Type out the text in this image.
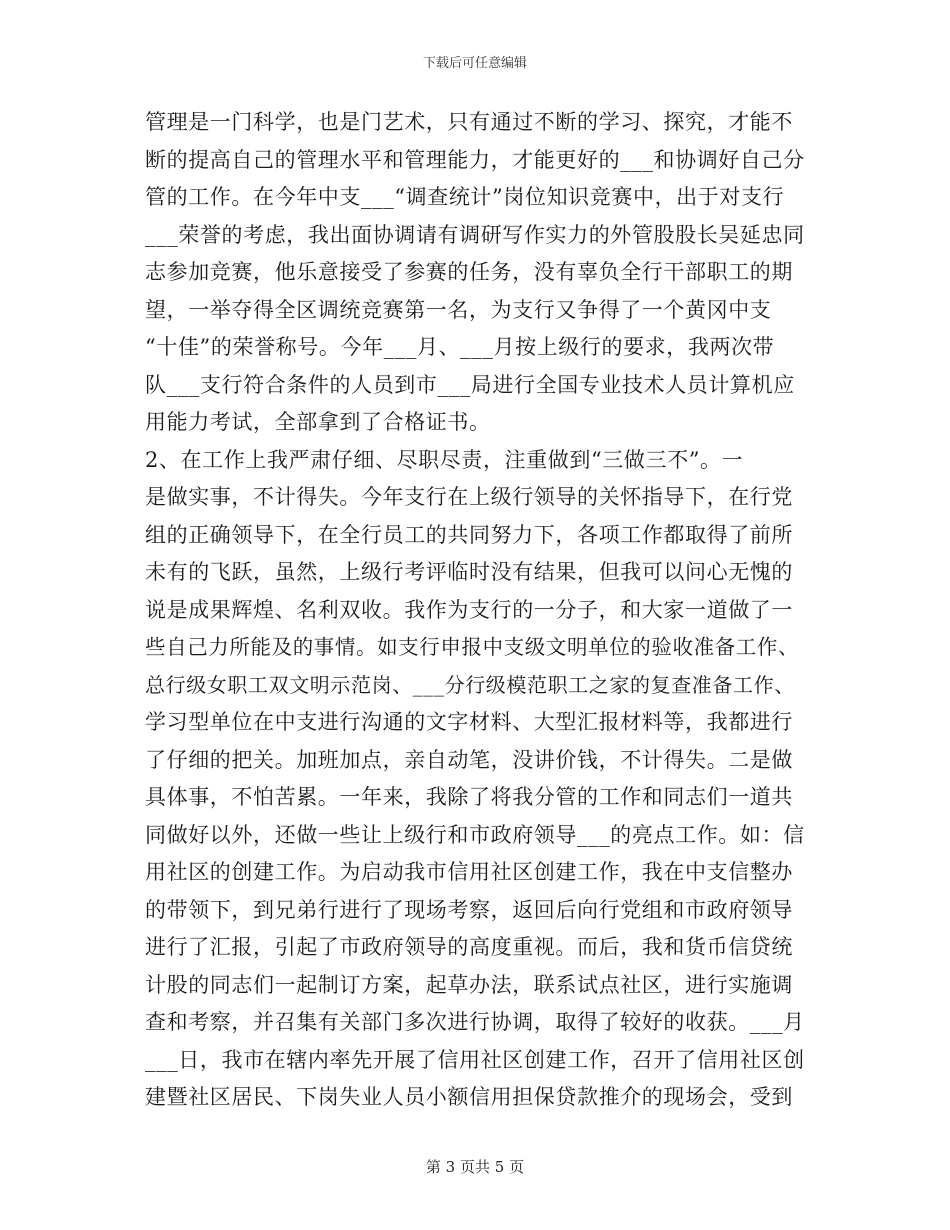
下载后可任意编辑
管理是一门科学，也是门艺术，只有通过不断的学习、探究，才能不
断的提高自己的管理水平和管理能力，才能更好的___和协调好自己分
管的工作。在今年中支___“调查统计”岗位知识竞赛中，出于对支行
___荣誉的考虑，我出面协调请有调研写作实力的外管股股长吴延忠同
志参加竞赛，他乐意接受了参赛的任务，没有辜负全行干部职工的期
望，一举夺得全区调统竞赛第一名，为支行又争得了一个黄冈中支
“十佳”的荣誉称号。今年___月、___月按上级行的要求，我两次带
队___支行符合条件的人员到市___局进行全国专业技术人员计算机应
用能力考试，全部拿到了合格证书。
2、在工作上我严肃仔细、尽职尽责，注重做到“三做三不”。一
是做实事，不计得失。今年支行在上级行领导的关怀指导下，在行党
组的正确领导下，在全行员工的共同努力下，各项工作都取得了前所
未有的飞跃，虽然，上级行考评临时没有结果，但我可以问心无愧的
说是成果辉煌、名利双收。我作为支行的一分子，和大家一道做了一
些自己力所能及的事情。如支行申报中支级文明单位的验收准备工作、
总行级女职工双文明示范岗、___分行级模范职工之家的复查准备工作、
学习型单位在中支进行沟通的文字材料、大型汇报材料等，我都进行
了仔细的把关。加班加点，亲自动笔，没讲价钱，不计得失。二是做
具体事，不怕苦累。一年来，我除了将我分管的工作和同志们一道共
同做好以外，还做一些让上级行和市政府领导___的亮点工作。如：信
用社区的创建工作。为启动我市信用社区创建工作，我在中支信整办
的带领下，到兄弟行进行了现场考察，返回后向行党组和市政府领导
进行了汇报，引起了市政府领导的高度重视。而后，我和货币信贷统
计股的同志们一起制订方案，起草办法，联系试点社区，进行实施调
查和考察，并召集有关部门多次进行协调，取得了较好的收获。___月
___日，我市在辖内率先开展了信用社区创建工作，召开了信用社区创
建暨社区居民、下岗失业人员小额信用担保贷款推介的现场会，受到
第 3 页共 5 页
